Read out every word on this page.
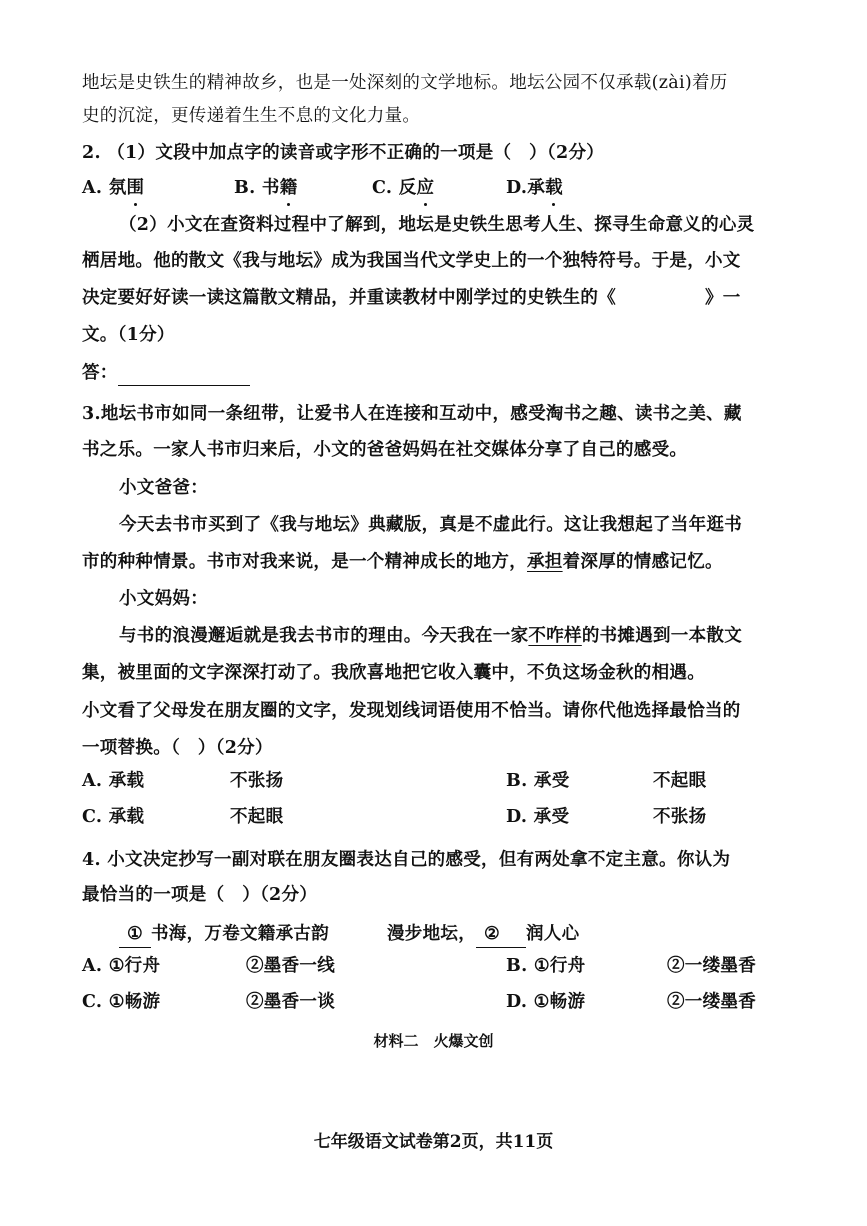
地坛是史铁生的精神故乡，也是一处深刻的文学地标。地坛公园不仅承载(zài)着历
史的沉淀，更传递着生生不息的文化力量。
2. （1）文段中加点字的读音或字形不正确的一项是（　）（2分）
A. 氛围	B. 书籍	C. 反应	D.承载
（2）小文在查资料过程中了解到，地坛是史铁生思考人生、探寻生命意义的心灵
栖居地。他的散文《我与地坛》成为我国当代文学史上的一个独特符号。于是，小文
决定要好好读一读这篇散文精品，并重读教材中刚学过的史铁生的《　　　　　》一
文。（1分）
答：
3.地坛书市如同一条纽带，让爱书人在连接和互动中，感受淘书之趣、读书之美、藏
书之乐。一家人书市归来后，小文的爸爸妈妈在社交媒体分享了自己的感受。
小文爸爸：
今天去书市买到了《我与地坛》典藏版，真是不虚此行。这让我想起了当年逛书
市的种种情景。书市对我来说，是一个精神成长的地方，承担着深厚的情感记忆。
小文妈妈：
与书的浪漫邂逅就是我去书市的理由。今天我在一家不咋样的书摊遇到一本散文
集，被里面的文字深深打动了。我欣喜地把它收入囊中，不负这场金秋的相遇。
小文看了父母发在朋友圈的文字，发现划线词语使用不恰当。请你代他选择最恰当的
一项替换。（　）（2分）
A. 承载	不张扬	B. 承受	不起眼
C. 承载	不起眼	D. 承受	不张扬
4. 小文决定抄写一副对联在朋友圈表达自己的感受，但有两处拿不定主意。你认为
最恰当的一项是（　）（2分）
① 书海，万卷文籍承古韵	漫步地坛， ② 润人心
A. ①行舟	②墨香一线	B. ①行舟	②一缕墨香
C. ①畅游	②墨香一谈	D. ①畅游	②一缕墨香
材料二　火爆文创
七年级语文试卷第2页，共11页
